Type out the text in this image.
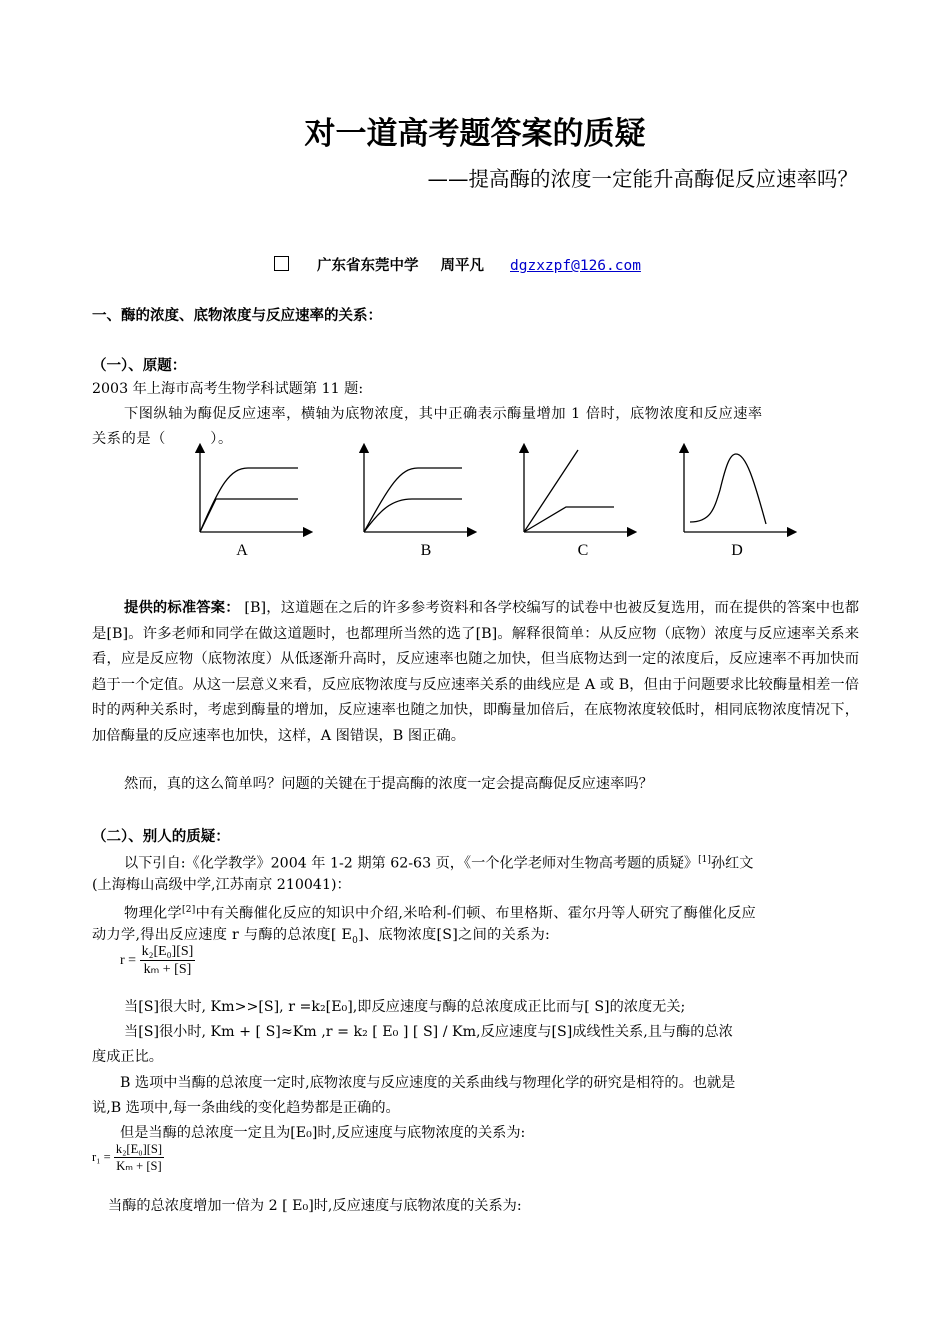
对一道高考题答案的质疑
——提高酶的浓度一定能升高酶促反应速率吗？
广东省东莞中学 周平凡 dgzxzpf@126.com
一、酶的浓度、底物浓度与反应速率的关系：
（一）、原题：
2003 年上海市高考生物学科试题第 11 题:
下图纵轴为酶促反应速率，横轴为底物浓度，其中正确表示酶量增加 1 倍时，底物浓度和反应速率
关系的是（　　　）。
A	B	C	D
提供的标准答案： [B]，这道题在之后的许多参考资料和各学校编写的试卷中也被反复选用，而在提供的答案中也都是[B]。许多老师和同学在做这道题时，也都理所当然的选了[B]。解释很简单：从反应物（底物）浓度与反应速率关系来看，应是反应物（底物浓度）从低逐渐升高时，反应速率也随之加快，但当底物达到一定的浓度后，反应速率不再加快而趋于一个定值。从这一层意义来看，反应底物浓度与反应速率关系的曲线应是 A 或 B，但由于问题要求比较酶量相差一倍时的两种关系时，考虑到酶量的增加，反应速率也随之加快，即酶量加倍后，在底物浓度较低时，相同底物浓度情况下，加倍酶量的反应速率也加快，这样，A 图错误，B 图正确。
然而，真的这么简单吗？问题的关键在于提高酶的浓度一定会提高酶促反应速率吗？
（二）、别人的质疑：
以下引自:《化学教学》2004 年 1-2 期第 62-63 页，《一个化学老师对生物高考题的质疑》[1]孙红文
(上海梅山高级中学,江苏南京 210041)：
物理化学[2]中有关酶催化反应的知识中介绍,米哈利-们顿、布里格斯、霍尔丹等人研究了酶催化反应
动力学,得出反应速度 r 与酶的总浓度[ $E_0$]、底物浓度[S]之间的关系为:
$r = \frac{\text{k₂[E₀][S]}}{\text{kₘ + [S]}}$
当[S]很大时, Km>>[S], r =k₂[E₀],即反应速度与酶的总浓度成正比而与[ S]的浓度无关;
当[S]很小时, Km + [ S]≈Km ,r = k₂ [ E₀ ] [ S] / Km,反应速度与[S]成线性关系,且与酶的总浓
度成正比。
B 选项中当酶的总浓度一定时,底物浓度与反应速度的关系曲线与物理化学的研究是相符的。也就是
说,B 选项中,每一条曲线的变化趋势都是正确的。
但是当酶的总浓度一定且为[E₀]时,反应速度与底物浓度的关系为:
$r_1 = \frac{\text{k₂[E₀][S]}}{\text{Kₘ + [S]}}$
当酶的总浓度增加一倍为 2 [ E₀]时,反应速度与底物浓度的关系为:
